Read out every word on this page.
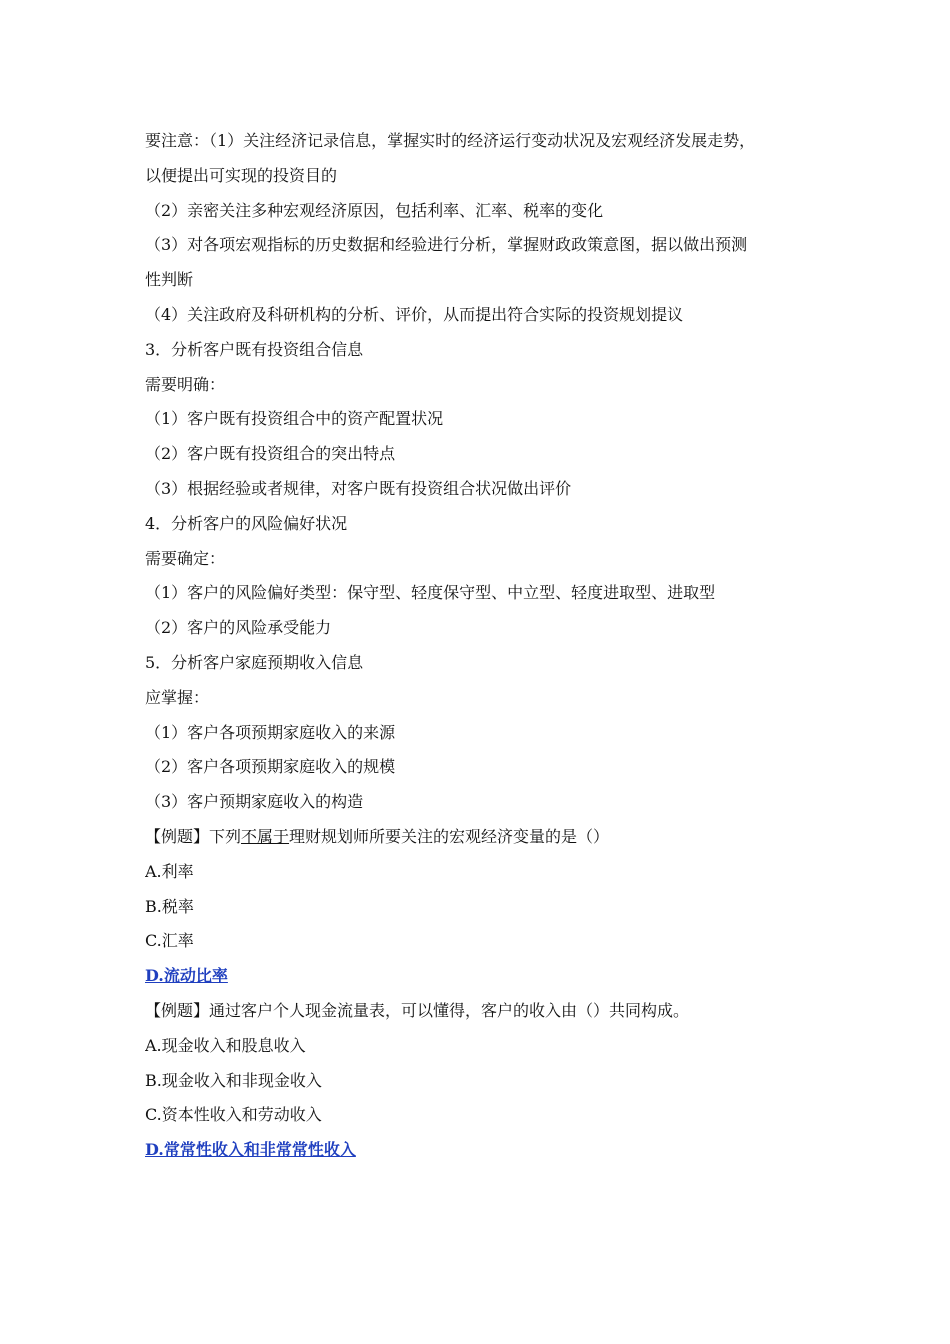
要注意：（1）关注经济记录信息，掌握实时的经济运行变动状况及宏观经济发展走势，
以便提出可实现的投资目的
（2）亲密关注多种宏观经济原因，包括利率、汇率、税率的变化
（3）对各项宏观指标的历史数据和经验进行分析，掌握财政政策意图，据以做出预测
性判断
（4）关注政府及科研机构的分析、评价，从而提出符合实际的投资规划提议
3．分析客户既有投资组合信息
需要明确：
（1）客户既有投资组合中的资产配置状况
（2）客户既有投资组合的突出特点
（3）根据经验或者规律，对客户既有投资组合状况做出评价
4．分析客户的风险偏好状况
需要确定：
（1）客户的风险偏好类型：保守型、轻度保守型、中立型、轻度进取型、进取型
（2）客户的风险承受能力
5．分析客户家庭预期收入信息
应掌握：
（1）客户各项预期家庭收入的来源
（2）客户各项预期家庭收入的规模
（3）客户预期家庭收入的构造
【例题】下列不属于理财规划师所要关注的宏观经济变量的是（）
A.利率
B.税率
C.汇率
D.流动比率
【例题】通过客户个人现金流量表，可以懂得，客户的收入由（）共同构成。
A.现金收入和股息收入
B.现金收入和非现金收入
C.资本性收入和劳动收入
D.常常性收入和非常常性收入
